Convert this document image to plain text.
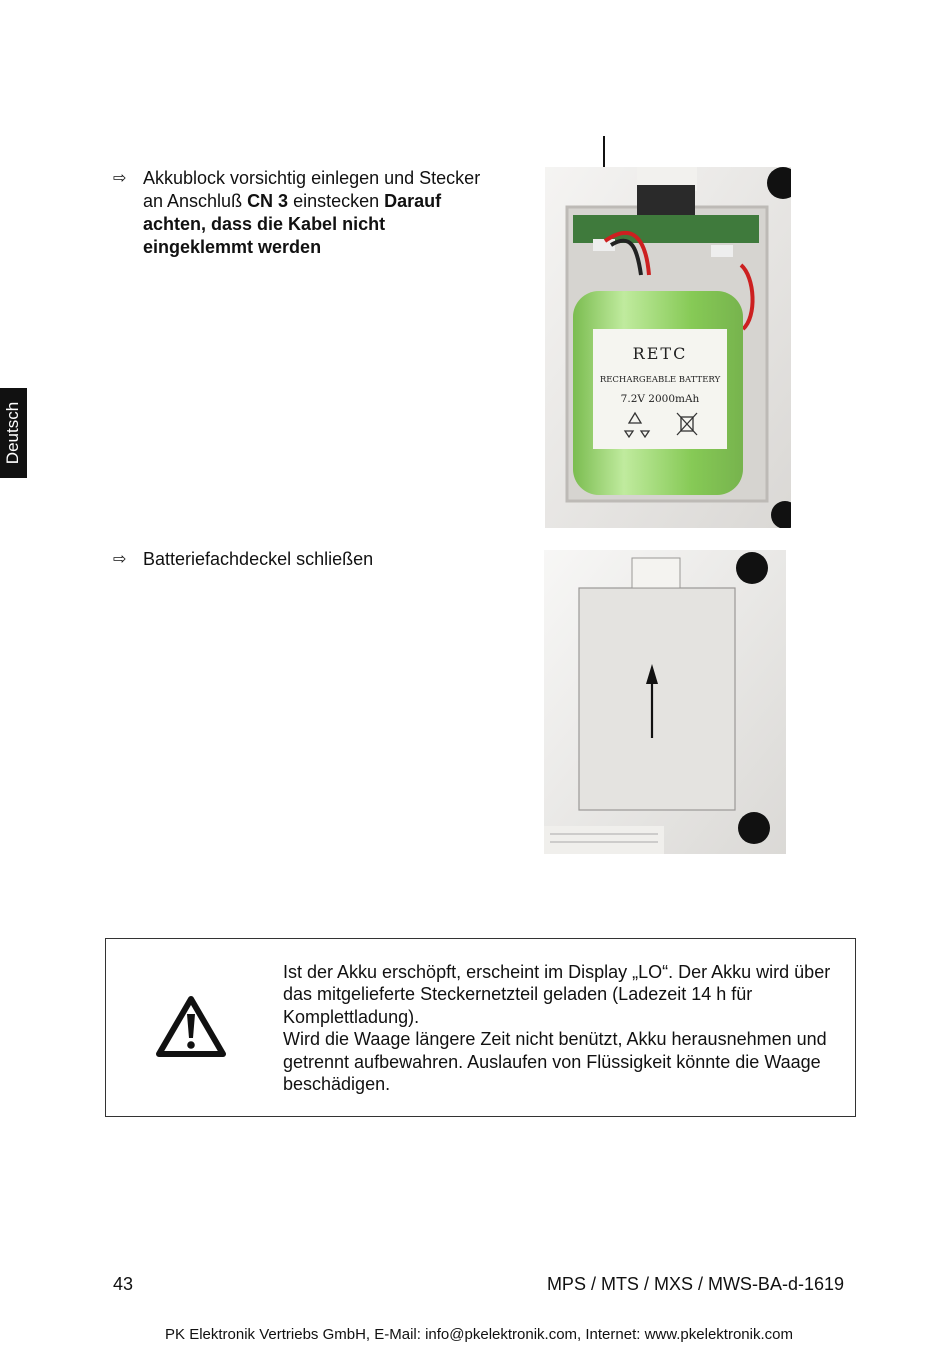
Deutsch
⇨ Akkublock vorsichtig einlegen und Stecker an Anschluß CN 3 einstecken Darauf achten, dass die Kabel nicht eingeklemmt werden
RETC
RECHARGEABLE BATTERY
7.2V 2000mAh
⇨ Batteriefachdeckel schließen

Ist der Akku erschöpft, erscheint im Display „LO“. Der Akku wird über das mitgelieferte Steckernetzteil geladen (Ladezeit 14 h für Komplettladung).

Wird die Waage längere Zeit nicht benützt, Akku herausnehmen und getrennt aufbewahren. Auslaufen von Flüssigkeit könnte die Waage beschädigen.

43	MPS / MTS / MXS / MWS-BA-d-1619
PK Elektronik Vertriebs GmbH, E-Mail: info@pkelektronik.com, Internet: www.pkelektronik.com
